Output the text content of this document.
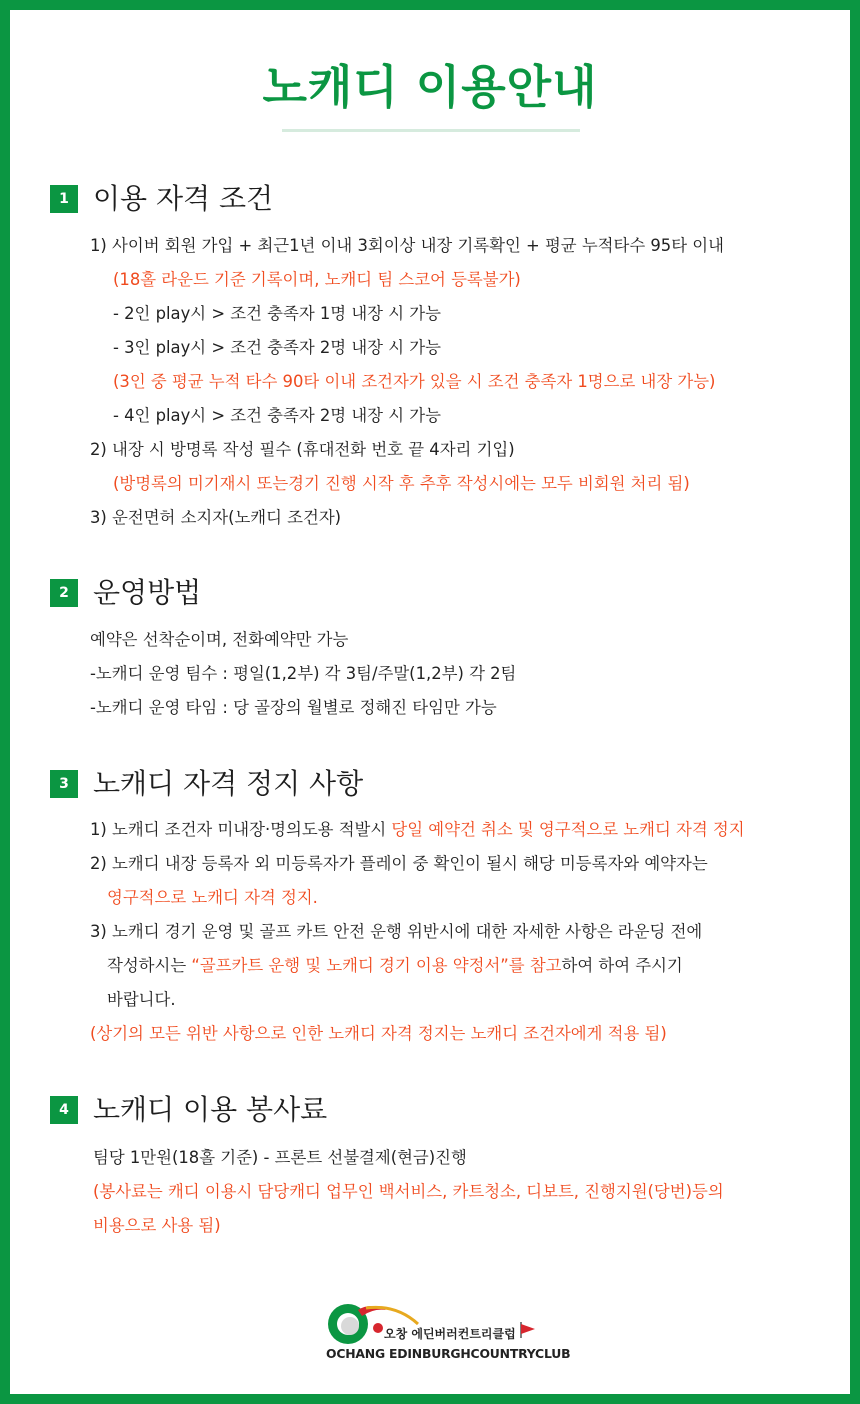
노캐디 이용안내
1 이용 자격 조건
1) 사이버 회원 가입 + 최근1년 이내 3회이상 내장 기록확인 + 평균 누적타수 95타 이내
(18홀 라운드 기준 기록이며, 노캐디 팀 스코어 등록불가)
- 2인 play시 > 조건 충족자 1명 내장 시 가능
- 3인 play시 > 조건 충족자 2명 내장 시 가능
(3인 중 평균 누적 타수 90타 이내 조건자가 있을 시 조건 충족자 1명으로 내장 가능)
- 4인 play시 > 조건 충족자 2명 내장 시 가능
2) 내장 시 방명록 작성 필수 (휴대전화 번호 끝 4자리 기입)
(방명록의 미기재시 또는경기 진행 시작 후 추후 작성시에는 모두 비회원 처리 됨)
3) 운전면허 소지자(노캐디 조건자)
2 운영방법
예약은 선착순이며, 전화예약만 가능
-노캐디 운영 팀수 : 평일(1,2부) 각 3팀/주말(1,2부) 각 2팀
-노캐디 운영 타임 : 당 골장의 월별로 정해진 타임만 가능
3 노캐디 자격 정지 사항
1) 노캐디 조건자 미내장·명의도용 적발시 당일 예약건 취소 및 영구적으로 노캐디 자격 정지
2) 노캐디 내장 등록자 외 미등록자가 플레이 중 확인이 될시 해당 미등록자와 예약자는
영구적으로 노캐디 자격 정지.
3) 노캐디 경기 운영 및 골프 카트 안전 운행 위반시에 대한 자세한 사항은 라운딩 전에
작성하시는 “골프카트 운행 및 노캐디 경기 이용 약정서”를 참고하여 하여 주시기
바랍니다.
(상기의 모든 위반 사항으로 인한 노캐디 자격 정지는 노캐디 조건자에게 적용 됨)
4 노캐디 이용 봉사료
팀당 1만원(18홀 기준) - 프론트 선불결제(현금)진행
(봉사료는 캐디 이용시 담당캐디 업무인 백서비스, 카트청소, 디보트, 진행지원(당번)등의
비용으로 사용 됨)
오창 에딘버러컨트리클럽
OCHANG EDINBURGHCOUNTRYCLUB
